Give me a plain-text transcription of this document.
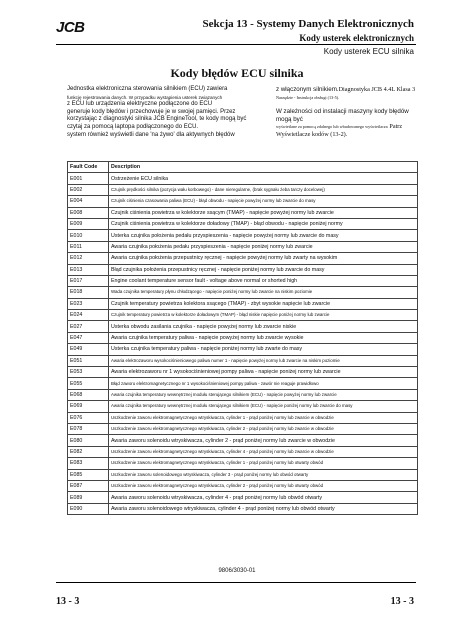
JCB	Sekcja 13 - Systemy Danych Elektronicznych
Kody usterek elektronicznych
Kody usterek ECU silnika
Kody błędów ECU silnika

Jednostka elektroniczna sterowania silnikiem (ECU) zawiera

funkcję rejestrowania danych. W przypadku wystąpienia usterek związanych

z ECU lub urządzenia elektryczne podłączone do ECU

generuje kody błędów i przechowuje je w swojej pamięci. Przez

korzystając z diagnostyki silnika JCB EngineTool, te kody mogą być

czytaj za pomocą laptopa podłączonego do ECU.

system również wyświetli dane 'na żywo' dla aktywnych błędów

z włączonym silnikiem.Diagnostyka JCB 4.4L Klasa 3
Narzędzie - Instrukcja obsługi (13-5).

W zależności od instalacji maszyny kody błędów mogą być
wyświetlane za pomocą zdalnego lub wbudowanego wyświetlacza Patrz
Wyświetlacze kodów (13-2).

Fault Code	Description
E001	Ostrzeżenie ECU silnika
E002	Czujnik prędkości silnika (pozycja wału korbowego) - dane nieregularne, (brak sygnału żeba tarczy docelowej)
E004	Czujnik ciśnienia czasowania paliwa (ECU) - błąd obwodu - napięcie powyżej normy lub zwarcie do masy
E008	Czujnik ciśnienia powietrza w kolektorze ssącym (TMAP) - napięcie powyżej normy lub zwarcie
E009	Czujnik ciśnienia powietrza w kolektorze doładowy (TMAP) - błąd obwodu - napięcie poniżej normy
E010	Usterka czujnika położenia pedału przyspieszenia - napięcie powyżej normy lub zwarcie do masy
E011	Awaria czujnika położenia pedału przyspieszenia - napięcie poniżej normy lub zwarcie
E012	Awaria czujnika położenia przepustnicy ręcznej - napięcie powyżej normy lub zwarty na wysokim
E013	Błąd czujnika położenia przepustnicy ręcznej - napięcie poniżej normy lub zwarcie do masy
E017	Engine coolant temperature sensor fault - voltage above normal or shorted high
E018	Wada czujnika temperatury płynu chłodzącego - napięcie poniżej normy lub zwarcie na niskim poziomie
E023	Czujnik temperatury powietrza kolektora ssącego (TMAP) - zbyt wysokie napięcie lub zwarcie
E024	Czujnik temperatury powietrza w kolektorze doładowym (TMAP) - błąd niskie napięcie poniżej normy lub zwarcie
E027	Usterka obwodu zasilania czujnika - napięcie powyżej normy lub zwarcie niskie
E047	Awaria czujnika temperatury paliwa - napięcie powyżej normy lub zwarcie wysokie
E049	Usterka czujnika temperatury paliwa - napięcie poniżej normy lub zwarte do masy
E051	Awaria elektrozaworu wysokociśnieniowego paliwa numer 1 - napięcie powyżej normy lub zwarcie na niskim poziomie
E053	Awaria elektrozaworu nr 1 wysokociśnieniowej pompy paliwa - napięcie poniżej normy lub zwarcie
E055	Błąd zaworu elektromagnetycznego nr 1 wysokociśnieniowej pompy paliwa - zawór nie reaguje prawidłowo
E068	Awaria czujnika temperatury wewnętrznej modułu sterującego silnikiem (ECU) - napięcie powyżej normy lub zwarcie
E069	Awaria czujnika temperatury wewnętrznej modułu sterującego silnikiem (ECU) - napięcie poniżej normy lub zwarcie do masy
E076	Uszkodzenie zaworu elektromagnetycznego wtryskiwacza, cylinder 1 - prąd poniżej normy lub zwarcie w obwodzie
E078	Uszkodzenie zaworu elektromagnetycznego wtryskiwacza, cylinder 2 - prąd poniżej normy lub zwarcie w obwodzie
E080	Awaria zaworu solenoidu wtryskiwacza, cylinder 2 - prąd poniżej normy lub zwarcie w obwodzie
E082	Uszkodzenie zaworu elektromagnetycznego wtryskiwacza, cylinder 4 - prąd poniżej normy lub zwarcie w obwodzie
E083	Uszkodzenie zaworu elektromagnetycznego wtryskiwacza, cylinder 1 - prąd poniżej normy lub otwarty obwód
E085	Uszkodzenie zaworu solenoidowego wtryskiwacza, cylinder 3 - prąd poniżej normy lub obwód otwarty
E087	Uszkodzenie zaworu elektromagnetycznego wtryskiwacza, cylinder 2 - prąd poniżej normy lub otwarty obwód
E089	Awaria zaworu solenoidu wtryskiwacza, cylinder 4 - prąd poniżej normy lub obwód otwarty
E090	Awaria zaworu solenoidowego wtryskiwacza, cylinder 4 - prąd poniżej normy lub obwód otwarty
9806/3030-01
13 - 3	13 - 3
